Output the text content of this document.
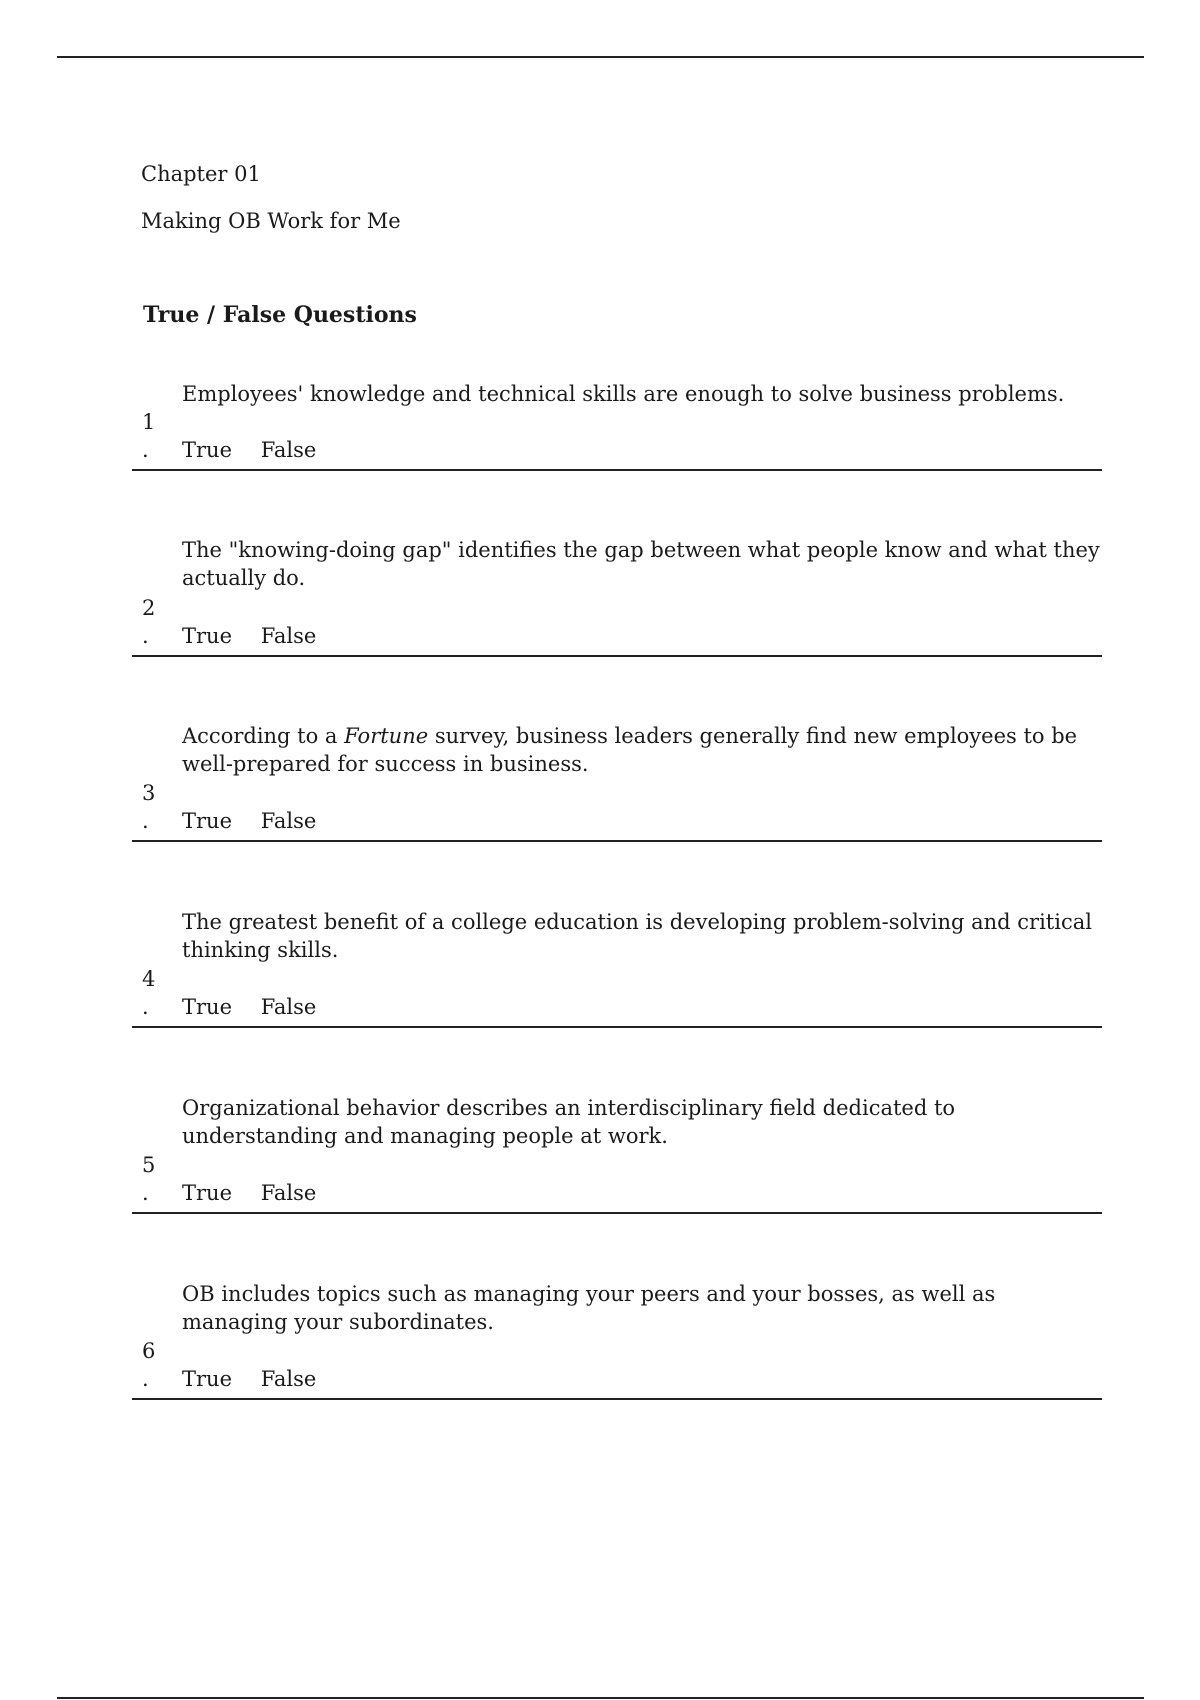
Chapter 01
Making OB Work for Me
True / False Questions
Employees' knowledge and technical skills are enough to solve business problems.
1
. True False
The "knowing-doing gap" identifies the gap between what people know and what they actually do.
2
. True False
According to a Fortune survey, business leaders generally find new employees to be well-prepared for success in business.
3
. True False
The greatest benefit of a college education is developing problem-solving and critical thinking skills.
4
. True False
Organizational behavior describes an interdisciplinary field dedicated to understanding and managing people at work.
5
. True False
OB includes topics such as managing your peers and your bosses, as well as managing your subordinates.
6
. True False
